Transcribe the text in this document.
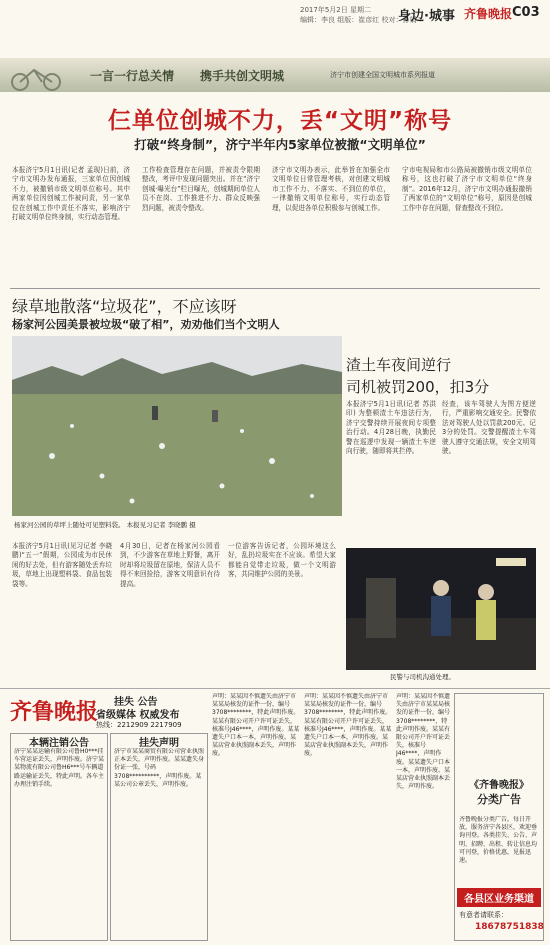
2017年5月2日 星期二
编辑：李良 组版：崔彦红 校对：孙娟
身边·城事 齐鲁晚报 C03
一言一行总关情 携手共创文明城	济宁市创建全国文明城市系列报道
仨单位创城不力，丢“文明”称号
打破“终身制”，济宁半年内5家单位被撤“文明单位”
本报济宁5月1日讯(记者 孟现)日前，济宁市文明办发布通报，三家单位因创城不力，被撤销市级文明单位称号。其中两家单位因创城工作被问责，另一家单位在创城工作中责任不落实，影响济宁打破文明单位终身制，实行动态管理。
工作检查管理存在问题，并被责令限期整改，考评中发现问题突出。并在“济宁创城·曝光台”栏目曝光，创城期间单位人员不在岗、工作推进不力、群众反映强烈问题，被责令整改。
济宁市文明办表示，此举旨在加强全市文明单位日常管理考核，对创建文明城市工作不力、不落实、不到位的单位，一律撤销文明单位称号，实行动态管理，以促进各单位积极参与创城工作。
宁市电视局和市公路局被撤销市级文明单位称号，这也打破了济宁市文明单位“终身制”。2016年12月，济宁市文明办通报撤销了两家单位的“文明单位”称号，原因是创城工作中存在问题，督查整改不到位。
绿草地散落“垃圾花”，不应该呀
杨家河公园美景被垃圾“破了相”，劝劝他们当个文明人
杨家河公园的草坪上随处可见塑料袋。 本报见习记者 李晓鹏 摄
本报济宁5月1日讯(见习记者 李晓鹏)“五一”假期，公园成为市民休闲的好去处，但有游客随处丢弃垃圾，草地上出现塑料袋、食品包装袋等。
4月30日，记者在杨家河公园看到，不少游客在草地上野餐，离开时却将垃圾留在原地，保洁人员不得不来回捡拾，游客文明意识有待提高。
一位游客告诉记者，公园环境这么好，乱扔垃圾实在不应该。希望大家都能自觉带走垃圾，做一个文明游客，共同维护公园的美景。
渣土车夜间逆行
司机被罚200，扣3分
本报济宁5月1日讯(记者 苏洪印) 为整顿渣土车违法行为，济宁交警持续开展夜间专项整治行动。4月28日晚，执勤民警在巡逻中发现一辆渣土车逆向行驶，随即将其拦停。
经查，该车驾驶人为图方便逆行，严重影响交通安全。民警依法对驾驶人处以罚款200元、记3分的处罚。交警提醒渣土车驾驶人遵守交通法规，安全文明驾驶。
民警与司机沟通处理。
齐鲁晚报 挂失 公告
省级媒体 权威发布
热线：2212909 2217909
本辆注销公告
济宁某某运输有限公司鲁H0***挂车营运证丢失，声明作废。济宁某某物流有限公司鲁H6***号车辆道路运输证丢失，特此声明。各车主办理注销手续。
挂失声明
济宁市某某商贸有限公司营业执照正本丢失，声明作废。某某遗失身份证一张，号码3708**********，声明作废。某某公司公章丢失，声明作废。
声明：某某因不慎遗失由济宁市某某局核发的证件一份，编号3708********，特此声明作废。某某有限公司开户许可证丢失，核准号J46****，声明作废。某某遗失户口本一本，声明作废。某某店营业执照副本丢失，声明作废。
声明：某某因不慎遗失由济宁市某某局核发的证件一份，编号3708********，特此声明作废。某某有限公司开户许可证丢失，核准号J46****，声明作废。某某遗失户口本一本，声明作废。某某店营业执照副本丢失，声明作废。
声明：某某因不慎遗失由济宁市某某局核发的证件一份，编号3708********，特此声明作废。某某有限公司开户许可证丢失，核准号J46****，声明作废。某某遗失户口本一本，声明作废。某某店营业执照副本丢失，声明作废。	《齐鲁晚报》
分类广告
齐鲁晚报分类广告，每日开放，服务济宁各县区，欢迎垂询刊登。各类挂失、公告、声明、招聘、出租、转让信息均可刊登，价格优惠，见报迅速。
各县区业务渠道
有意者请联系：
18678751838
